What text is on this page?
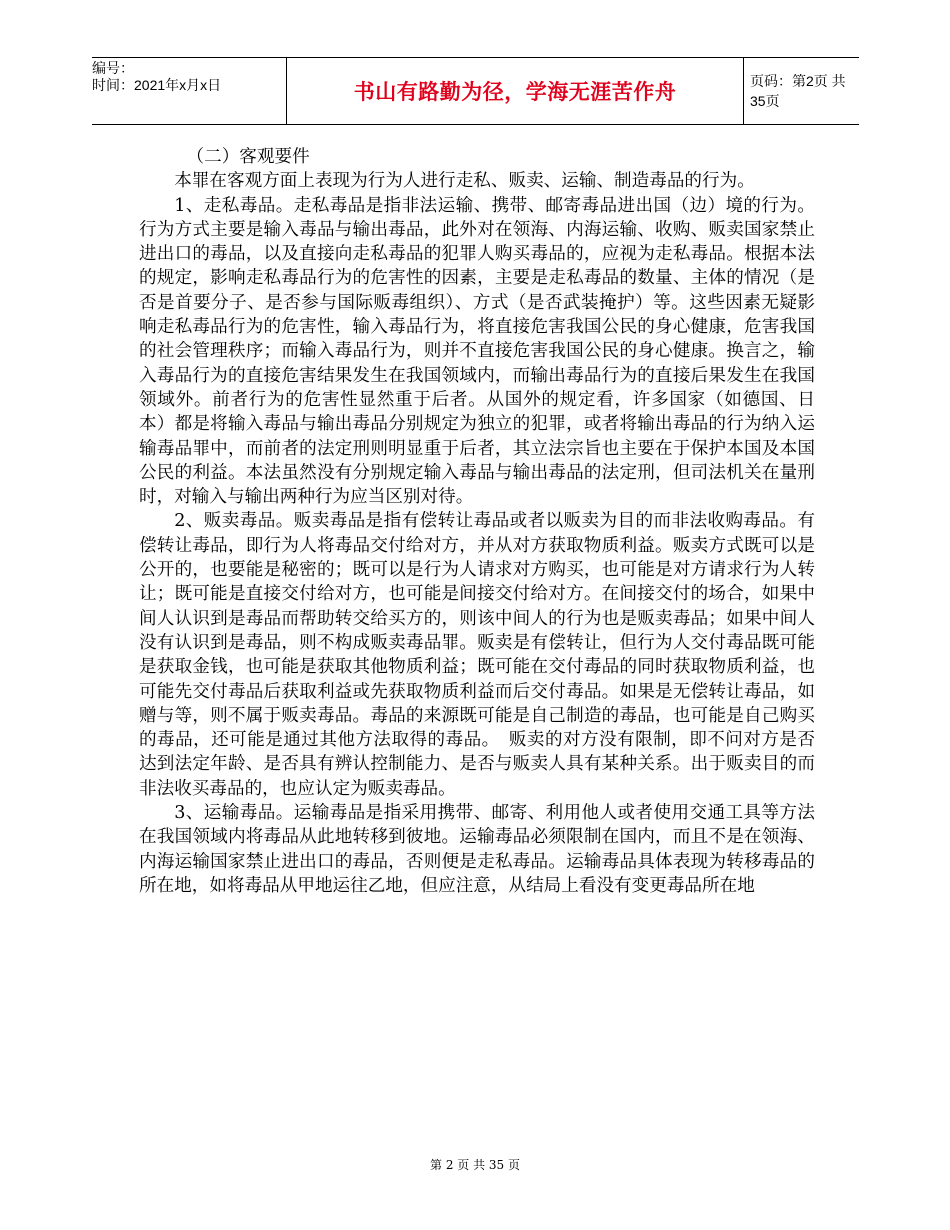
编号：
时间：2021年x月x日	书山有路勤为径，学海无涯苦作舟	页码：第2页 共35页

（二）客观要件

本罪在客观方面上表现为行为人进行走私、贩卖、运输、制造毒品的行为。

1、走私毒品。走私毒品是指非法运输、携带、邮寄毒品进出国（边）境的行为。行为方式主要是输入毒品与输出毒品，此外对在领海、内海运输、收购、贩卖国家禁止进出口的毒品，以及直接向走私毒品的犯罪人购买毒品的，应视为走私毒品。根据本法的规定，影响走私毒品行为的危害性的因素，主要是走私毒品的数量、主体的情况（是否是首要分子、是否参与国际贩毒组织）、方式（是否武装掩护）等。这些因素无疑影响走私毒品行为的危害性，输入毒品行为，将直接危害我国公民的身心健康，危害我国的社会管理秩序；而输入毒品行为，则并不直接危害我国公民的身心健康。换言之，输入毒品行为的直接危害结果发生在我国领域内，而输出毒品行为的直接后果发生在我国领域外。前者行为的危害性显然重于后者。从国外的规定看，许多国家（如德国、日本）都是将输入毒品与输出毒品分别规定为独立的犯罪，或者将输出毒品的行为纳入运输毒品罪中，而前者的法定刑则明显重于后者，其立法宗旨也主要在于保护本国及本国公民的利益。本法虽然没有分别规定输入毒品与输出毒品的法定刑，但司法机关在量刑时，对输入与输出两种行为应当区别对待。

2、贩卖毒品。贩卖毒品是指有偿转让毒品或者以贩卖为目的而非法收购毒品。有偿转让毒品，即行为人将毒品交付给对方，并从对方获取物质利益。贩卖方式既可以是公开的，也要能是秘密的；既可以是行为人请求对方购买，也可能是对方请求行为人转让；既可能是直接交付给对方，也可能是间接交付给对方。在间接交付的场合，如果中间人认识到是毒品而帮助转交给买方的，则该中间人的行为也是贩卖毒品；如果中间人没有认识到是毒品，则不构成贩卖毒品罪。贩卖是有偿转让，但行为人交付毒品既可能是获取金钱，也可能是获取其他物质利益；既可能在交付毒品的同时获取物质利益，也可能先交付毒品后获取利益或先获取物质利益而后交付毒品。如果是无偿转让毒品，如赠与等，则不属于贩卖毒品。毒品的来源既可能是自己制造的毒品，也可能是自己购买的毒品，还可能是通过其他方法取得的毒品。　贩卖的对方没有限制，即不问对方是否达到法定年龄、是否具有辨认控制能力、是否与贩卖人具有某种关系。出于贩卖目的而非法收买毒品的，也应认定为贩卖毒品。

3、运输毒品。运输毒品是指采用携带、邮寄、利用他人或者使用交通工具等方法在我国领域内将毒品从此地转移到彼地。运输毒品必须限制在国内，而且不是在领海、内海运输国家禁止进出口的毒品，否则便是走私毒品。运输毒品具体表现为转移毒品的所在地，如将毒品从甲地运往乙地，但应注意，从结局上看没有变更毒品所在地

第 2 页 共 35 页
